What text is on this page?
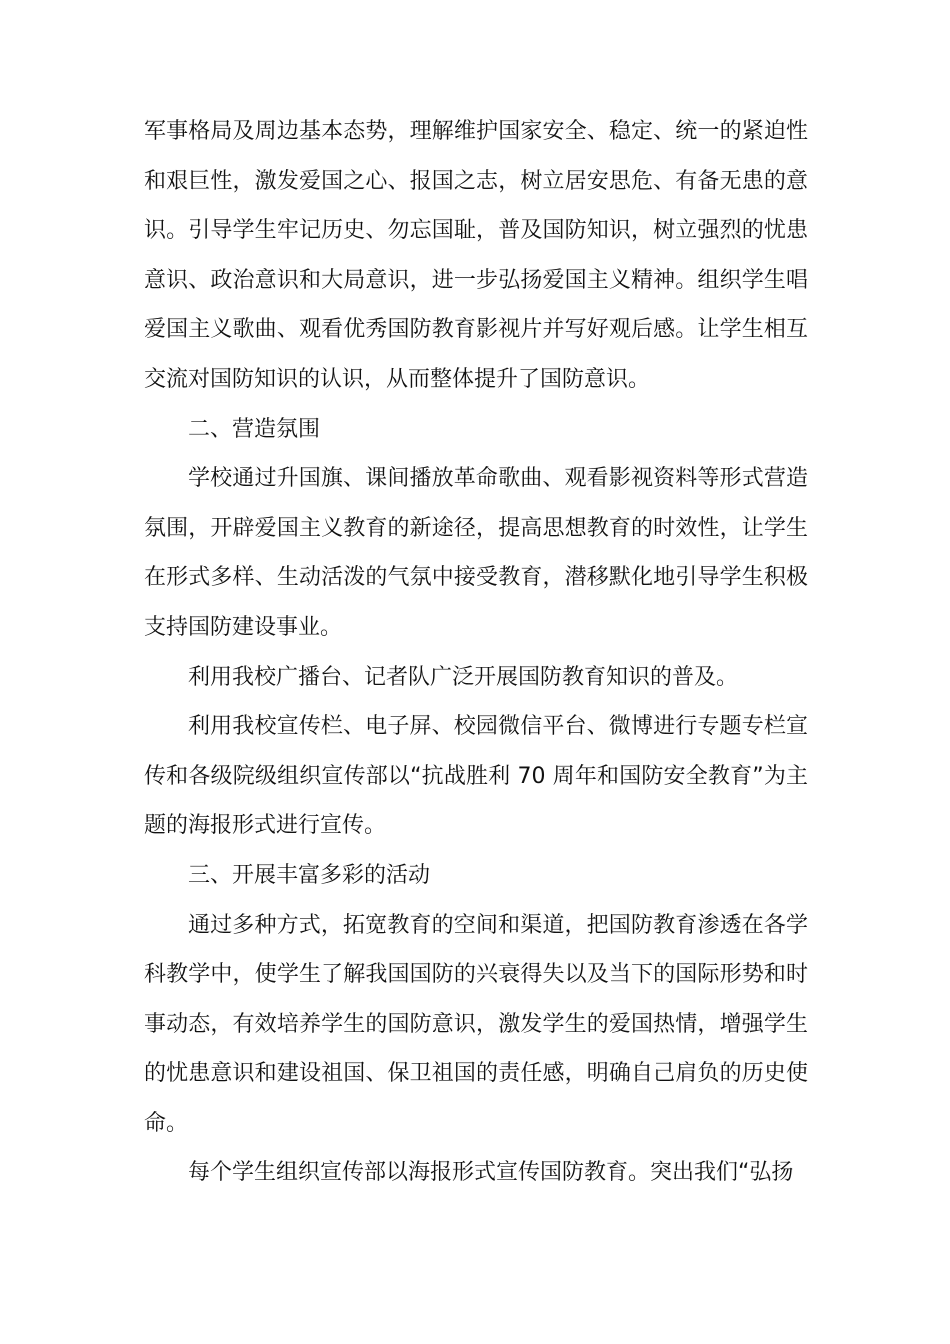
军事格局及周边基本态势，理解维护国家安全、稳定、统一的紧迫性和艰巨性，激发爱国之心、报国之志，树立居安思危、有备无患的意识。引导学生牢记历史、勿忘国耻，普及国防知识，树立强烈的忧患意识、政治意识和大局意识，进一步弘扬爱国主义精神。组织学生唱爱国主义歌曲、观看优秀国防教育影视片并写好观后感。让学生相互交流对国防知识的认识，从而整体提升了国防意识。

二、营造氛围

学校通过升国旗、课间播放革命歌曲、观看影视资料等形式营造氛围，开辟爱国主义教育的新途径，提高思想教育的时效性，让学生在形式多样、生动活泼的气氛中接受教育，潜移默化地引导学生积极支持国防建设事业。

利用我校广播台、记者队广泛开展国防教育知识的普及。

利用我校宣传栏、电子屏、校园微信平台、微博进行专题专栏宣传和各级院级组织宣传部以“抗战胜利 70 周年和国防安全教育”为主题的海报形式进行宣传。

三、开展丰富多彩的活动

通过多种方式，拓宽教育的空间和渠道，把国防教育渗透在各学科教学中，使学生了解我国国防的兴衰得失以及当下的国际形势和时事动态，有效培养学生的国防意识，激发学生的爱国热情，增强学生的忧患意识和建设祖国、保卫祖国的责任感，明确自己肩负的历史使命。

每个学生组织宣传部以海报形式宣传国防教育。突出我们“弘扬
